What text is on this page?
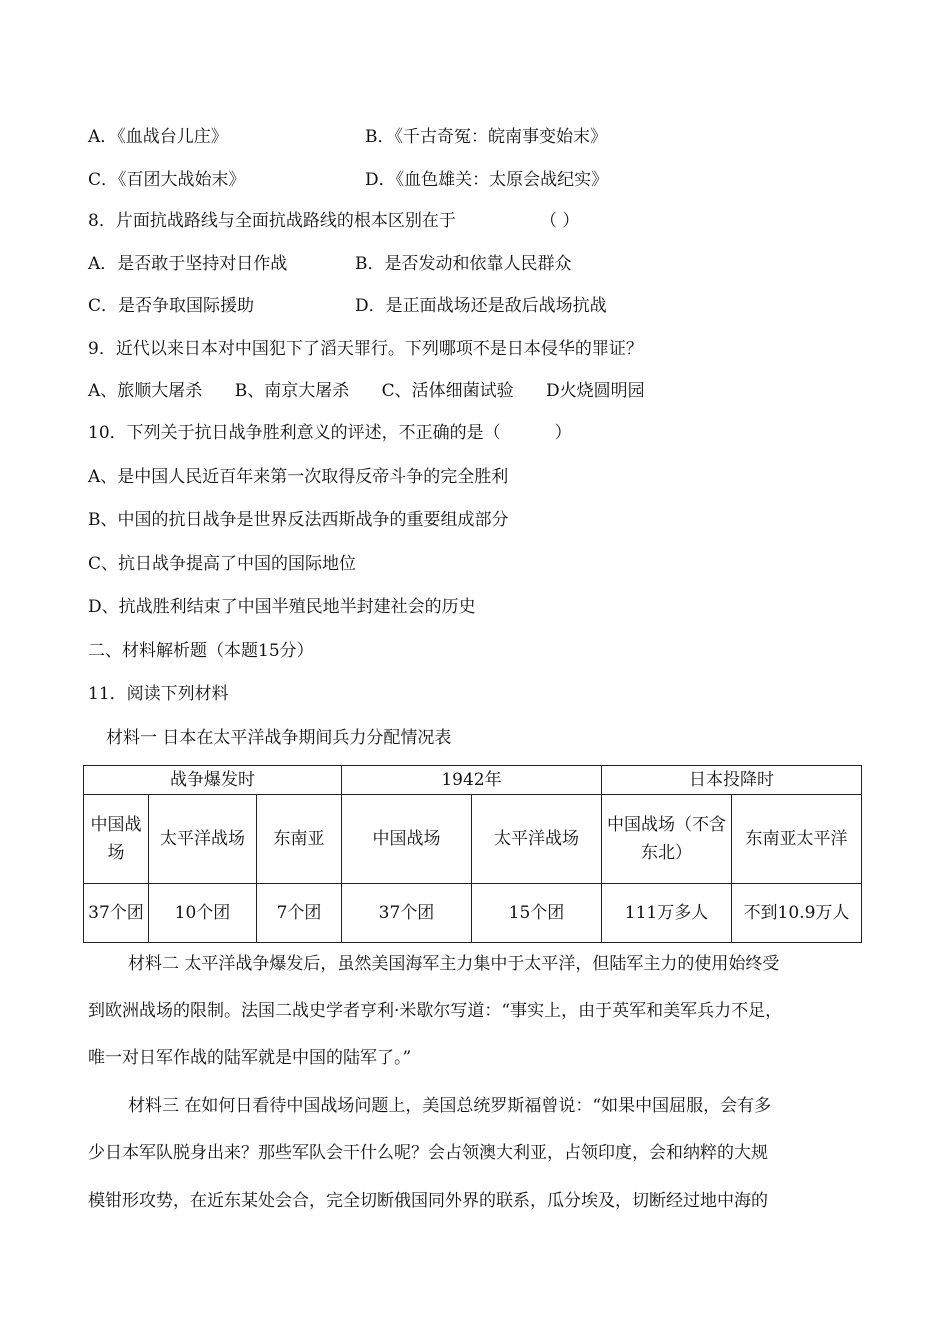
A．《血战台儿庄》	B．《千古奇冤：皖南事变始末》
C．《百团大战始末》	D．《血色雄关：太原会战纪实》
8．片面抗战路线与全面抗战路线的根本区别在于	（ ）
A．是否敢于坚持对日作战	B．是否发动和依靠人民群众
C．是否争取国际援助	D．是正面战场还是敌后战场抗战
9．近代以来日本对中国犯下了滔天罪行。下列哪项不是日本侵华的罪证？
A、旅顺大屠杀      B、南京大屠杀      C、活体细菌试验      D火烧圆明园
10．下列关于抗日战争胜利意义的评述，不正确的是（          ）
A、是中国人民近百年来第一次取得反帝斗争的完全胜利
B、中国的抗日战争是世界反法西斯战争的重要组成部分
C、抗日战争提高了中国的国际地位
D、抗战胜利结束了中国半殖民地半封建社会的历史
二、材料解析题（本题15分）
11．阅读下列材料
材料一 日本在太平洋战争期间兵力分配情况表
战争爆发时			1942年		日本投降时	
中国战场	太平洋战场	东南亚	中国战场	太平洋战场	中国战场（不含东北）	东南亚太平洋
37个团	10个团	7个团	37个团	15个团	111万多人	不到10.9万人
材料二 太平洋战争爆发后，虽然美国海军主力集中于太平洋，但陆军主力的使用始终受
到欧洲战场的限制。法国二战史学者亨利·米歇尔写道：“事实上，由于英军和美军兵力不足，
唯一对日军作战的陆军就是中国的陆军了。”
材料三 在如何日看待中国战场问题上，美国总统罗斯福曾说：“如果中国屈服，会有多
少日本军队脱身出来？那些军队会干什么呢？会占领澳大利亚，占领印度，会和纳粹的大规
模钳形攻势，在近东某处会合，完全切断俄国同外界的联系，瓜分埃及，切断经过地中海的
